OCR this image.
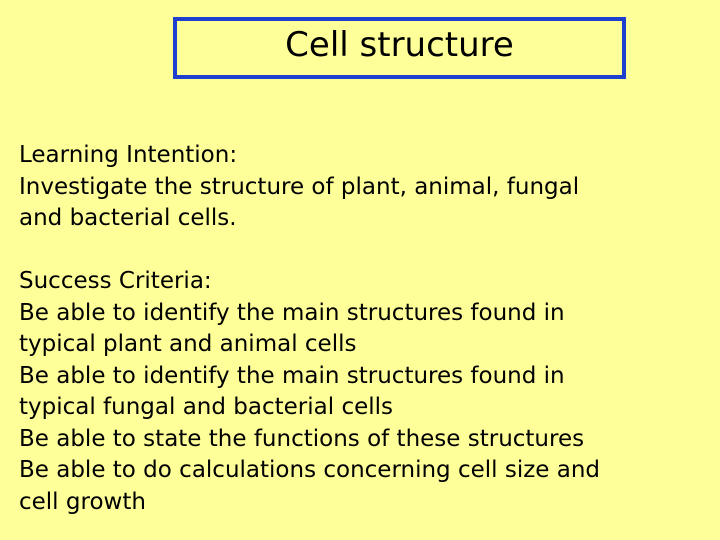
Cell structure
Learning Intention:
Investigate the structure of plant, animal, fungal
and bacterial cells.
Success Criteria:
Be able to identify the main structures found in
typical plant and animal cells
Be able to identify the main structures found in
typical fungal and bacterial cells
Be able to state the functions of these structures
Be able to do calculations concerning cell size and
cell growth
